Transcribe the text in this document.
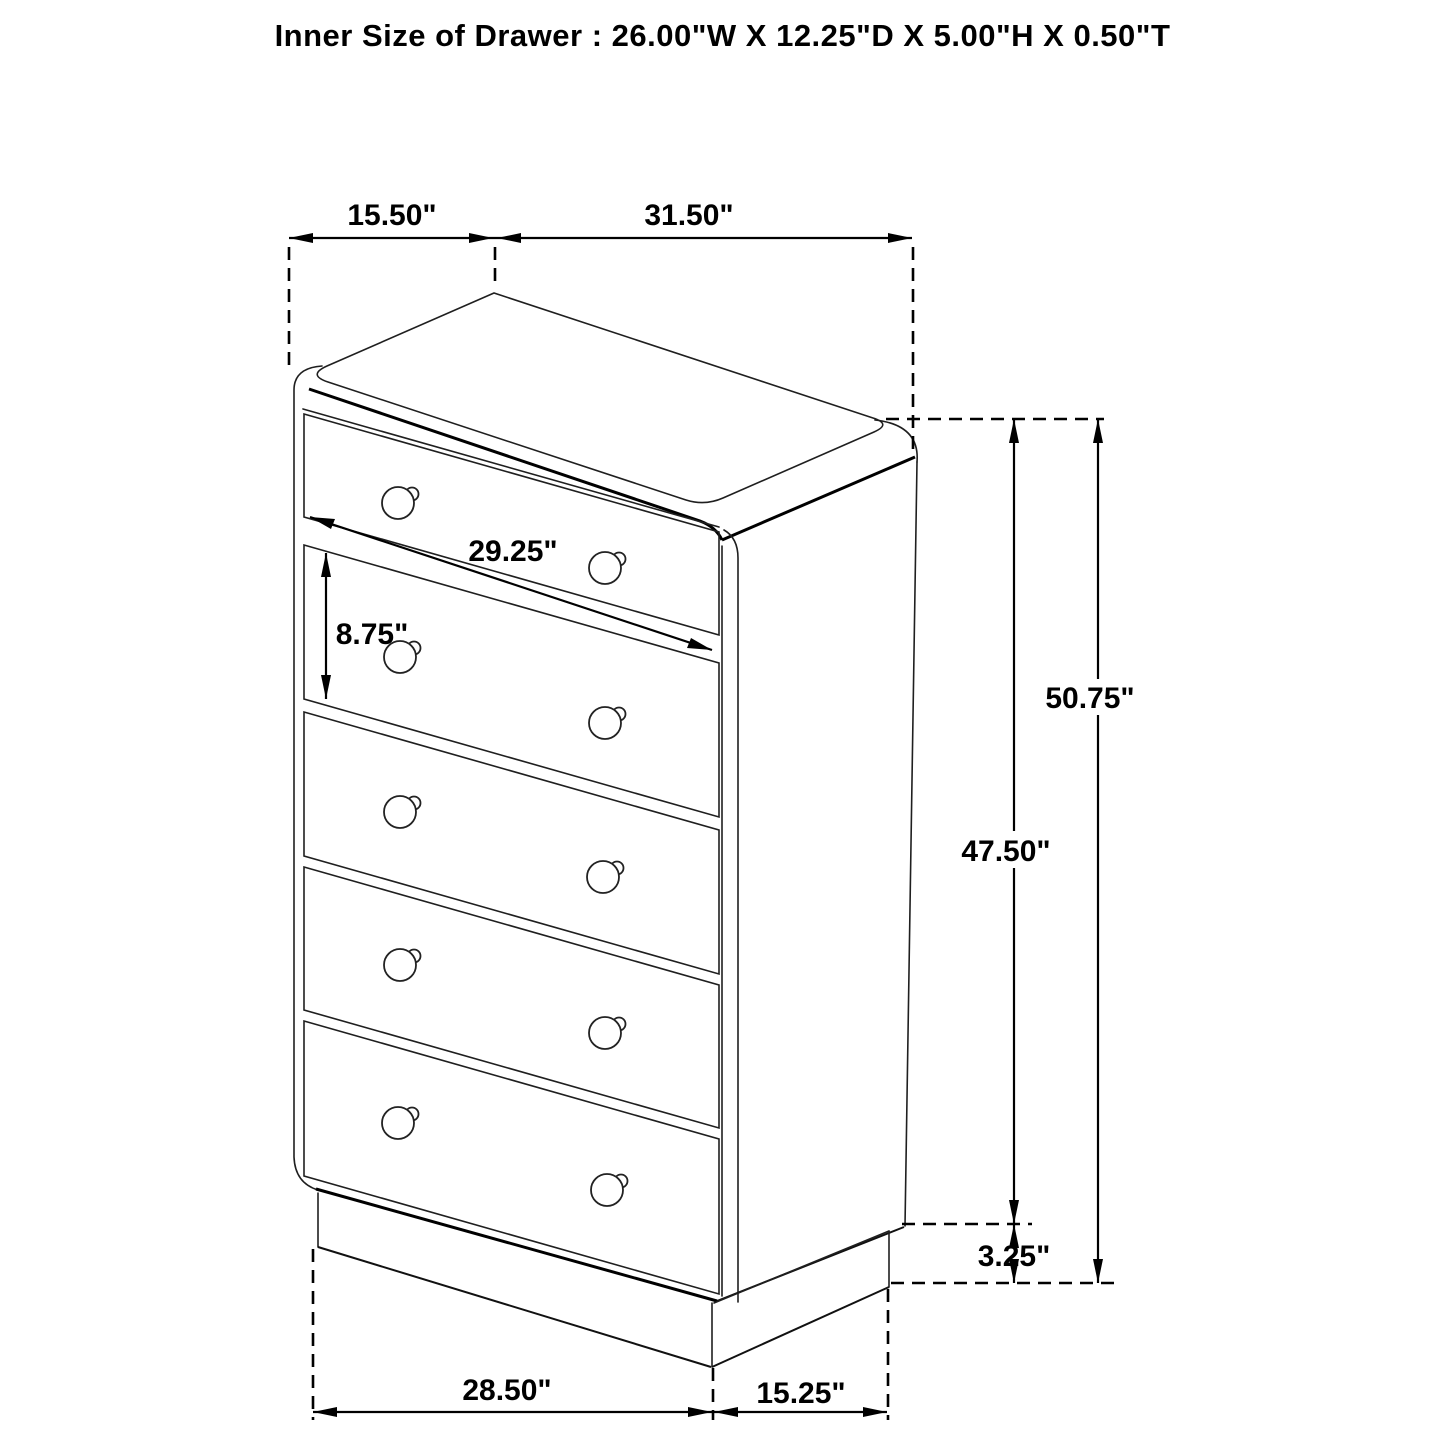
Inner Size of Drawer : 26.00"W X 12.25"D X 5.00"H X 0.50"T
15.50"	31.50"
29.25"
8.75"
50.75"
47.50"
3.25"
28.50"	15.25"
